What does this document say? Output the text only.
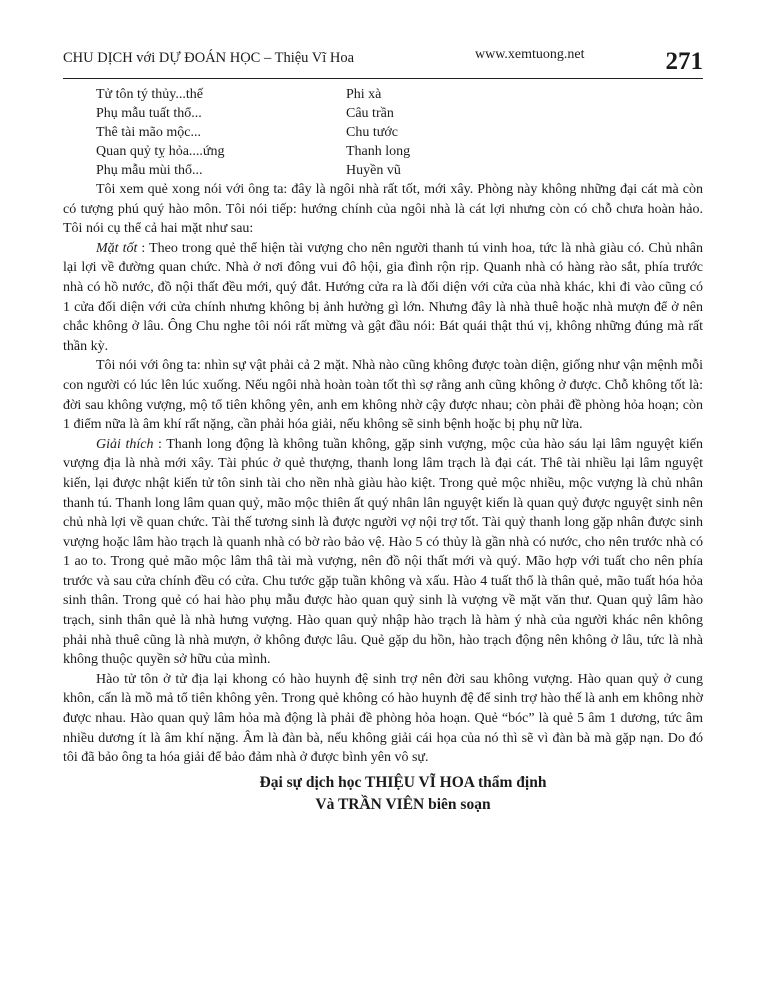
CHU DỊCH với DỰ ĐOÁN HỌC – Thiệu Vĩ Hoa	www.xemtuong.net	271
Tử tôn tý thủy...thế	Phi xà
Phụ mẫu tuất thổ...	Câu trần
Thê tài mão mộc...	Chu tước
Quan quỷ tỵ hỏa....ứng	Thanh long
Phụ mẫu mùi thổ...	Huyền vũ

Tôi xem quẻ xong nói với ông ta: đây là ngôi nhà rất tốt, mới xây. Phòng này không những đại cát mà còn có tượng phú quý hào môn. Tôi nói tiếp: hướng chính của ngôi nhà là cát lợi nhưng còn có chỗ chưa hoàn hảo. Tôi nói cụ thể cả hai mặt như sau:

Mặt tốt : Theo trong quẻ thể hiện tài vượng cho nên người thanh tú vinh hoa, tức là nhà giàu có. Chủ nhân lại lợi về đường quan chức. Nhà ở nơi đông vui đô hội, gia đình rộn rịp. Quanh nhà có hàng rào sắt, phía trước nhà có hồ nước, đồ nội thất đều mới, quý đắt. Hướng cửa ra là đối diện với cửa của nhà khác, khi đi vào cũng có 1 cửa đối diện với cửa chính nhưng không bị ảnh hưởng gì lớn. Nhưng đây là nhà thuê hoặc nhà mượn để ở nên chắc không ở lâu. Ông Chu nghe tôi nói rất mừng và gật đầu nói: Bát quái thật thú vị, không những đúng mà rất thần kỳ.

Tôi nói với ông ta: nhìn sự vật phải cả 2 mặt. Nhà nào cũng không được toàn diện, giống như vận mệnh mỗi con người có lúc lên lúc xuống. Nếu ngôi nhà hoàn toàn tốt thì sợ rằng anh cũng không ở được. Chỗ không tốt là: đời sau không vượng, mộ tổ tiên không yên, anh em không nhờ cậy được nhau; còn phải đề phòng hỏa hoạn; còn 1 điểm nữa là âm khí rất nặng, cần phải hóa giải, nếu không sẽ sinh bệnh hoặc bị phụ nữ lừa.

Giải thích : Thanh long động là không tuần không, gặp sinh vượng, mộc của hào sáu lại lâm nguyệt kiến vượng địa là nhà mới xây. Tài phúc ở quẻ thượng, thanh long lâm trạch là đại cát. Thê tài nhiều lại lâm nguyệt kiến, lại được nhật kiến tử tôn sinh tài cho nền nhà giàu hào kiệt. Trong quẻ mộc nhiều, mộc vượng là chủ nhân thanh tú. Thanh long lâm quan quỷ, mão mộc thiên ất quý nhân lân nguyệt kiến là quan quỷ được nguyệt sinh nên chủ nhà lợi về quan chức. Tài thế tương sinh là được người vợ nội trợ tốt. Tài quỷ thanh long gặp nhân được sinh vượng hoặc lâm hào trạch là quanh nhà có bờ rào bảo vệ. Hào 5 có thủy là gần nhà có nước, cho nên trước nhà có 1 ao to. Trong quẻ mão mộc lâm thâ tài mà vượng, nên đồ nội thất mới và quý. Mão hợp với tuất cho nên phía trước và sau cửa chính đều có cửa. Chu tước gặp tuần không và xấu. Hào 4 tuất thổ là thân quẻ, mão tuất hóa hỏa sinh thân. Trong quẻ có hai hào phụ mẫu được hào quan quỷ sinh là vượng về mặt văn thư. Quan quỷ lâm hào trạch, sinh thân quẻ là nhà hưng vượng. Hào quan quỷ nhập hào trạch là hàm ý nhà của người khác nên không phải nhà thuê cũng là nhà mượn, ở không được lâu. Quẻ gặp du hồn, hào trạch động nên không ở lâu, tức là nhà không thuộc quyền sở hữu của mình.

Hào tử tôn ở tử địa lại khong có hào huynh đệ sinh trợ nên đời sau không vượng. Hào quan quỷ ở cung khôn, cấn là mồ mả tổ tiên không yên. Trong quẻ không có hào huynh đệ để sinh trợ hào thế là anh em không nhờ được nhau. Hào quan quỷ lâm hỏa mà động là phải đề phòng hỏa hoạn. Quẻ “bóc” là quẻ 5 âm 1 dương, tức âm nhiều dương ít là âm khí nặng. Âm là đàn bà, nếu không giải cái họa của nó thì sẽ vì đàn bà mà gặp nạn. Do đó tôi đã bảo ông ta hóa giải để bảo đảm nhà ở được bình yên vô sự.

Đại sự dịch học THIỆU VĨ HOA thẩm định
Và TRẦN VIÊN biên soạn
